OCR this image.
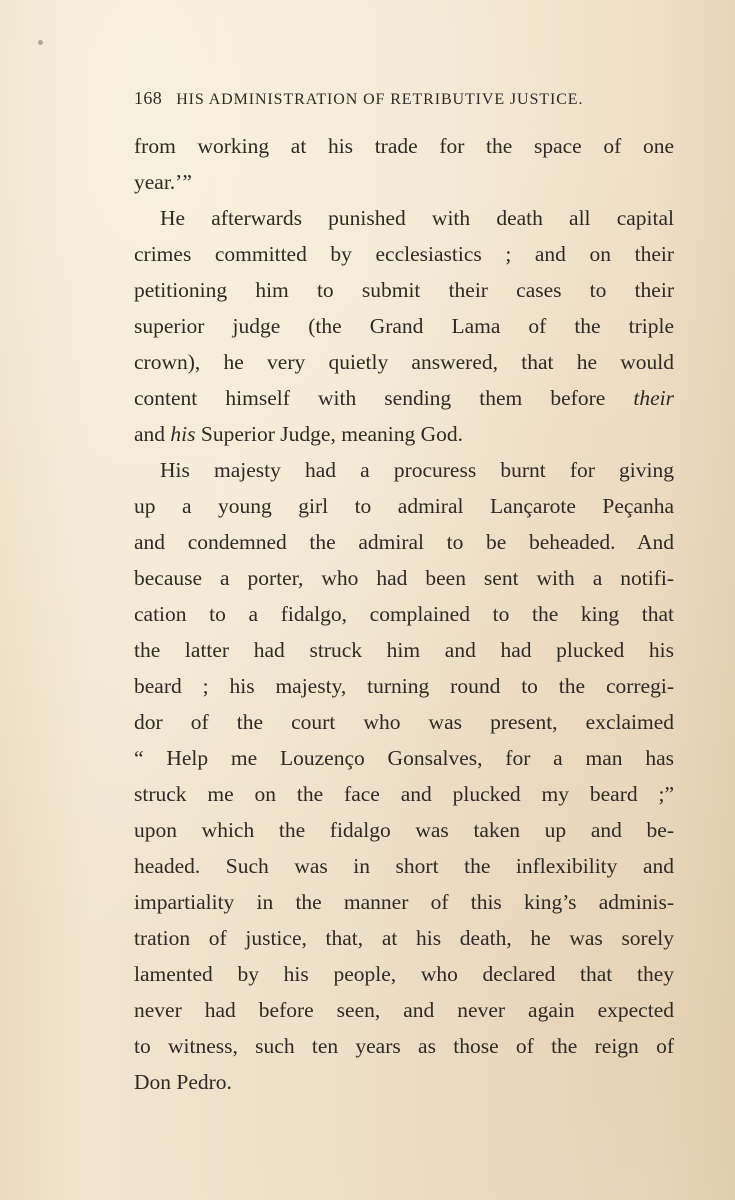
168 HIS ADMINISTRATION OF RETRIBUTIVE JUSTICE.
from working at his trade for the space of one
year.’”
He afterwards punished with death all capital
crimes committed by ecclesiastics ; and on their
petitioning him to submit their cases to their
superior judge (the Grand Lama of the triple
crown), he very quietly answered, that he would
content himself with sending them before their
and his Superior Judge, meaning God.
His majesty had a procuress burnt for giving
up a young girl to admiral Lançarote Peçanha
and condemned the admiral to be beheaded. And
because a porter, who had been sent with a notifi-
cation to a fidalgo, complained to the king that
the latter had struck him and had plucked his
beard ; his majesty, turning round to the corregi-
dor of the court who was present, exclaimed
“ Help me Louzenço Gonsalves, for a man has
struck me on the face and plucked my beard ;”
upon which the fidalgo was taken up and be-
headed. Such was in short the inflexibility and
impartiality in the manner of this king’s adminis-
tration of justice, that, at his death, he was sorely
lamented by his people, who declared that they
never had before seen, and never again expected
to witness, such ten years as those of the reign of
Don Pedro.
